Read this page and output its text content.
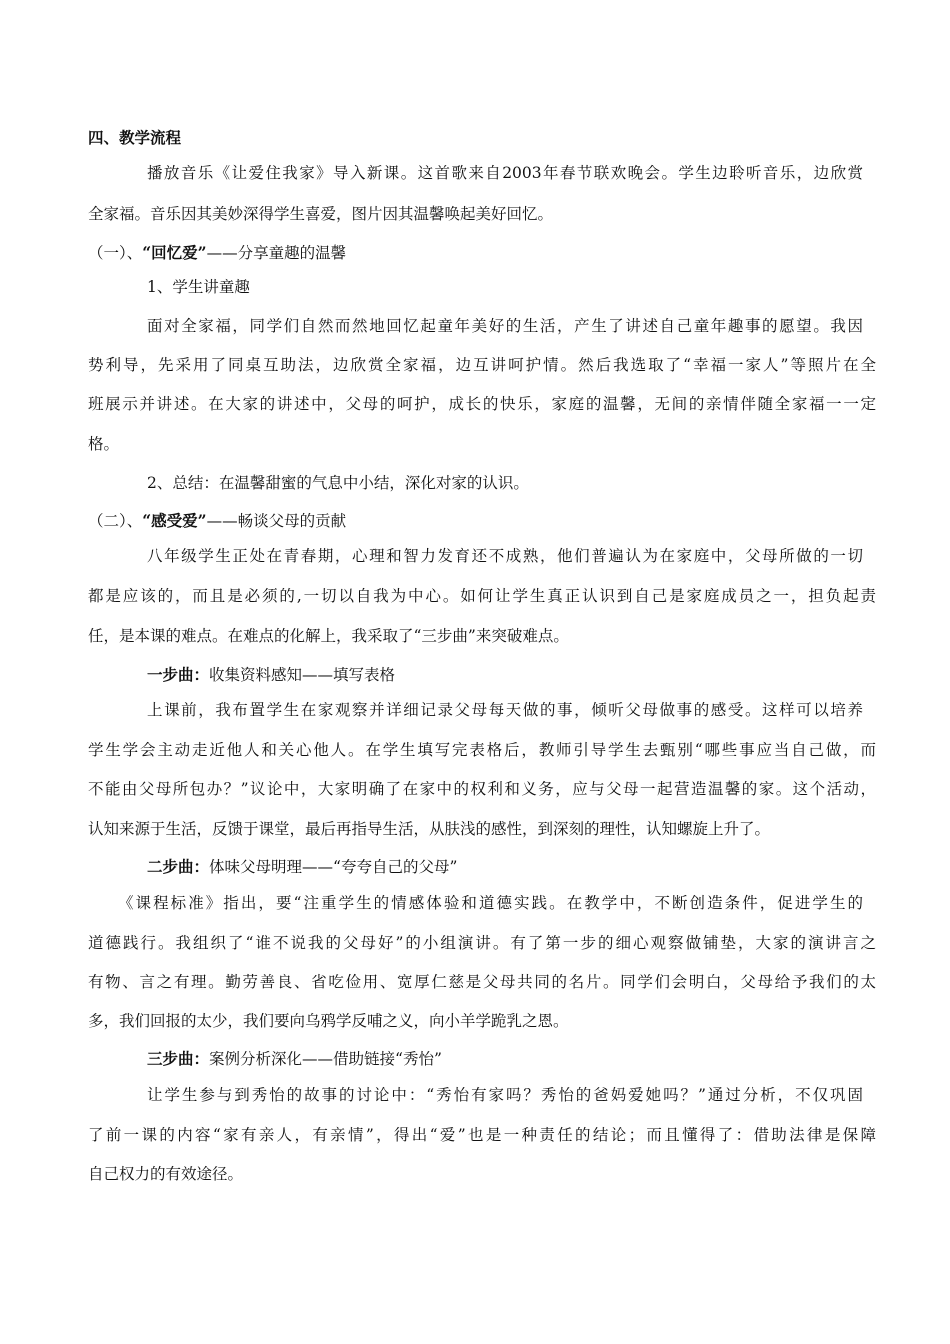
四、教学流程

播放音乐《让爱住我家》导入新课。这首歌来自2003年春节联欢晚会。学生边聆听音乐，边欣赏

全家福。音乐因其美妙深得学生喜爱，图片因其温馨唤起美好回忆。

（一）、“回忆爱”——分享童趣的温馨

1、学生讲童趣

面对全家福，同学们自然而然地回忆起童年美好的生活，产生了讲述自己童年趣事的愿望。我因

势利导，先采用了同桌互助法，边欣赏全家福，边互讲呵护情。然后我选取了“幸福一家人”等照片在全

班展示并讲述。在大家的讲述中，父母的呵护，成长的快乐，家庭的温馨，无间的亲情伴随全家福一一定

格。

2、总结：在温馨甜蜜的气息中小结，深化对家的认识。

（二）、“感受爱”——畅谈父母的贡献

八年级学生正处在青春期，心理和智力发育还不成熟，他们普遍认为在家庭中，父母所做的一切

都是应该的，而且是必须的,一切以自我为中心。如何让学生真正认识到自己是家庭成员之一，担负起责

任，是本课的难点。在难点的化解上，我采取了“三步曲”来突破难点。

一步曲：收集资料感知——填写表格

上课前，我布置学生在家观察并详细记录父母每天做的事，倾听父母做事的感受。这样可以培养

学生学会主动走近他人和关心他人。在学生填写完表格后，教师引导学生去甄别“哪些事应当自己做，而

不能由父母所包办？”议论中，大家明确了在家中的权利和义务，应与父母一起营造温馨的家。这个活动，

认知来源于生活，反馈于课堂，最后再指导生活，从肤浅的感性，到深刻的理性，认知螺旋上升了。

二步曲：体味父母明理——“夸夸自己的父母”

《课程标准》指出，要“注重学生的情感体验和道德实践。在教学中，不断创造条件，促进学生的

道德践行。我组织了“谁不说我的父母好”的小组演讲。有了第一步的细心观察做铺垫，大家的演讲言之

有物、言之有理。勤劳善良、省吃俭用、宽厚仁慈是父母共同的名片。同学们会明白，父母给予我们的太

多，我们回报的太少，我们要向乌鸦学反哺之义，向小羊学跪乳之恩。

三步曲：案例分析深化——借助链接“秀怡”

让学生参与到秀怡的故事的讨论中：“秀怡有家吗？秀怡的爸妈爱她吗？”通过分析，不仅巩固

了前一课的内容“家有亲人，有亲情”，得出“爱”也是一种责任的结论；而且懂得了：借助法律是保障

自己权力的有效途径。
